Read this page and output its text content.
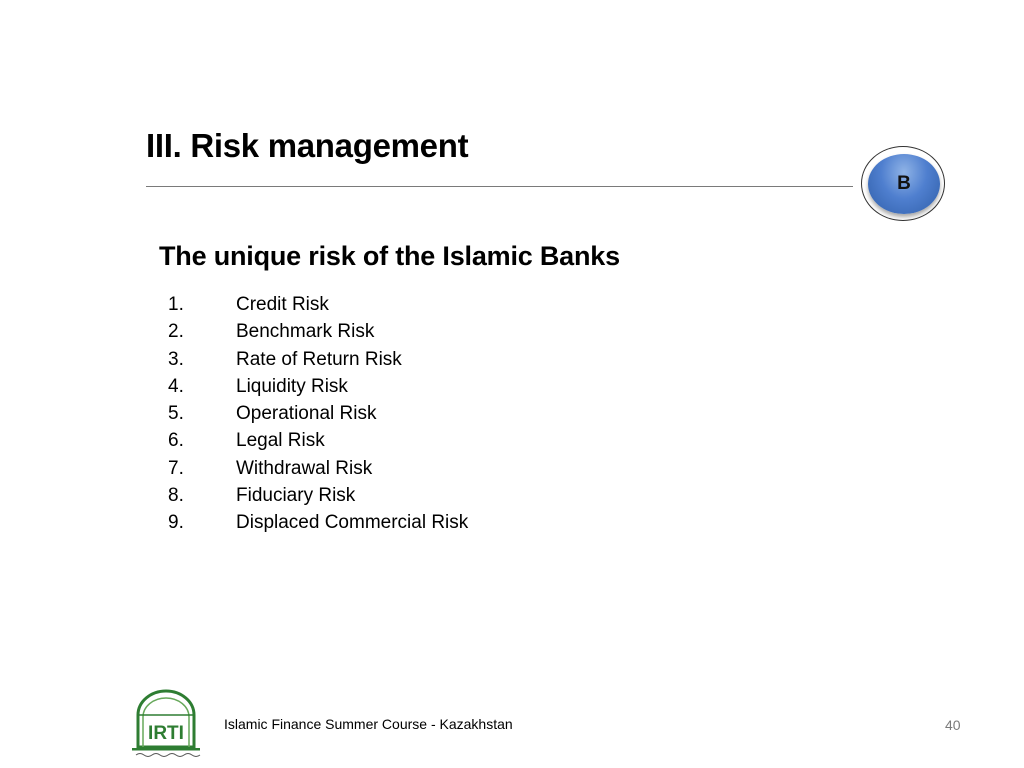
III. Risk management
B
The unique risk of the Islamic Banks
1.	Credit Risk
2.	Benchmark Risk
3.	Rate of Return Risk
4.	Liquidity Risk
5.	Operational Risk
6.	Legal Risk
7.	Withdrawal Risk
8.	Fiduciary Risk
9.	Displaced Commercial Risk
IRTI	Islamic Finance Summer Course - Kazakhstan	40
